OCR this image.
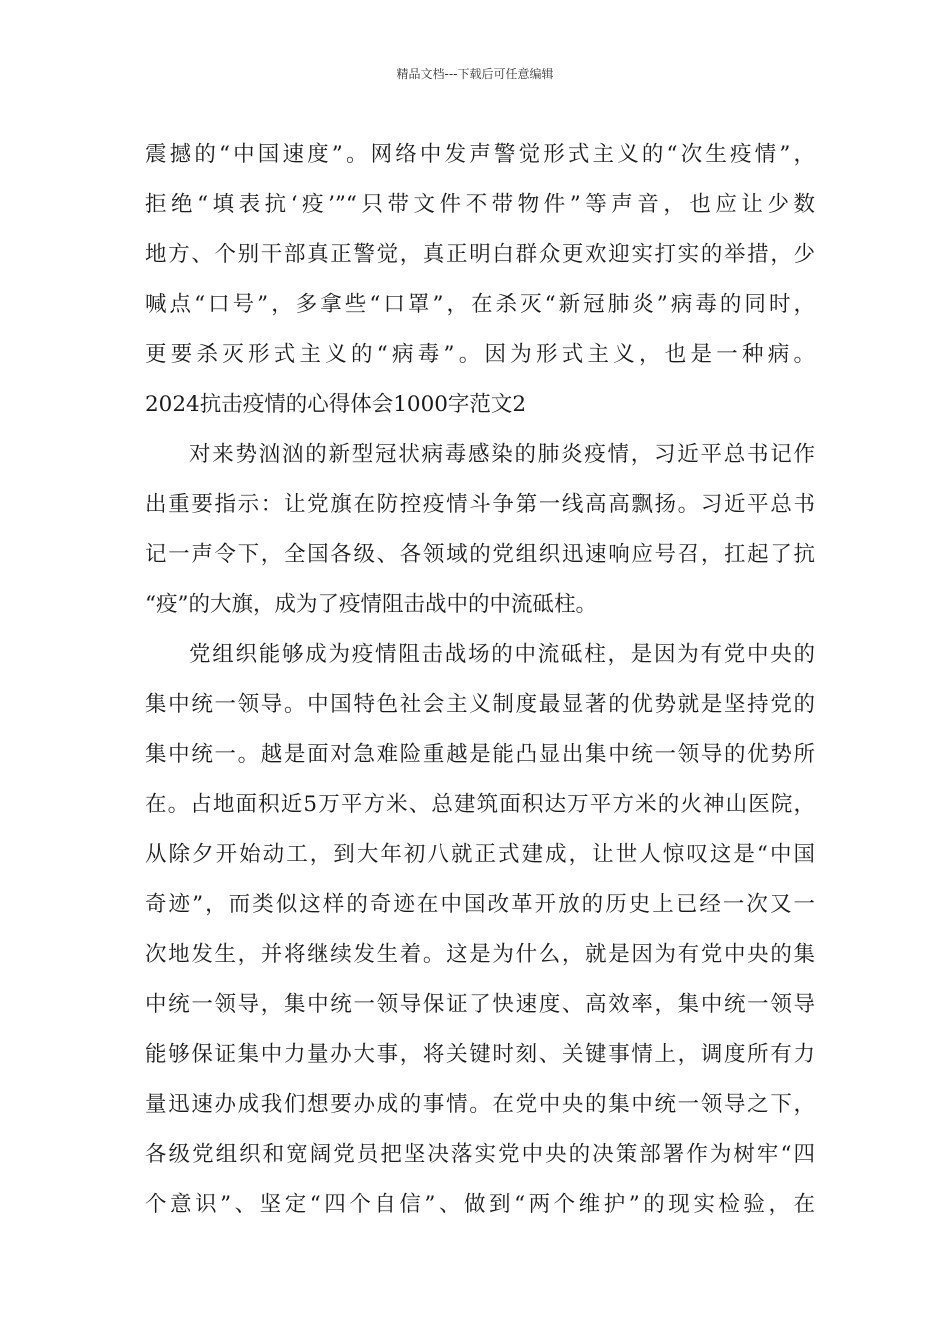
精品文档---下载后可任意编辑
震撼的“中国速度”。网络中发声警觉形式主义的“次生疫情”，
拒绝“填表抗‘疫’”“只带文件不带物件”等声音，也应让少数
地方、个别干部真正警觉，真正明白群众更欢迎实打实的举措，少
喊点“口号”，多拿些“口罩”，在杀灭“新冠肺炎”病毒的同时，
更要杀灭形式主义的“病毒”。因为形式主义，也是一种病。
2024抗击疫情的心得体会1000字范文2
对来势汹汹的新型冠状病毒感染的肺炎疫情，习近平总书记作
出重要指示：让党旗在防控疫情斗争第一线高高飘扬。习近平总书
记一声令下，全国各级、各领域的党组织迅速响应号召，扛起了抗
“疫”的大旗，成为了疫情阻击战中的中流砥柱。
党组织能够成为疫情阻击战场的中流砥柱，是因为有党中央的
集中统一领导。中国特色社会主义制度最显著的优势就是坚持党的
集中统一。越是面对急难险重越是能凸显出集中统一领导的优势所
在。占地面积近5万平方米、总建筑面积达万平方米的火神山医院，
从除夕开始动工，到大年初八就正式建成，让世人惊叹这是“中国
奇迹”，而类似这样的奇迹在中国改革开放的历史上已经一次又一
次地发生，并将继续发生着。这是为什么，就是因为有党中央的集
中统一领导，集中统一领导保证了快速度、高效率，集中统一领导
能够保证集中力量办大事，将关键时刻、关键事情上，调度所有力
量迅速办成我们想要办成的事情。在党中央的集中统一领导之下，
各级党组织和宽阔党员把坚决落实党中央的决策部署作为树牢“四
个意识”、坚定“四个自信”、做到“两个维护”的现实检验，在
